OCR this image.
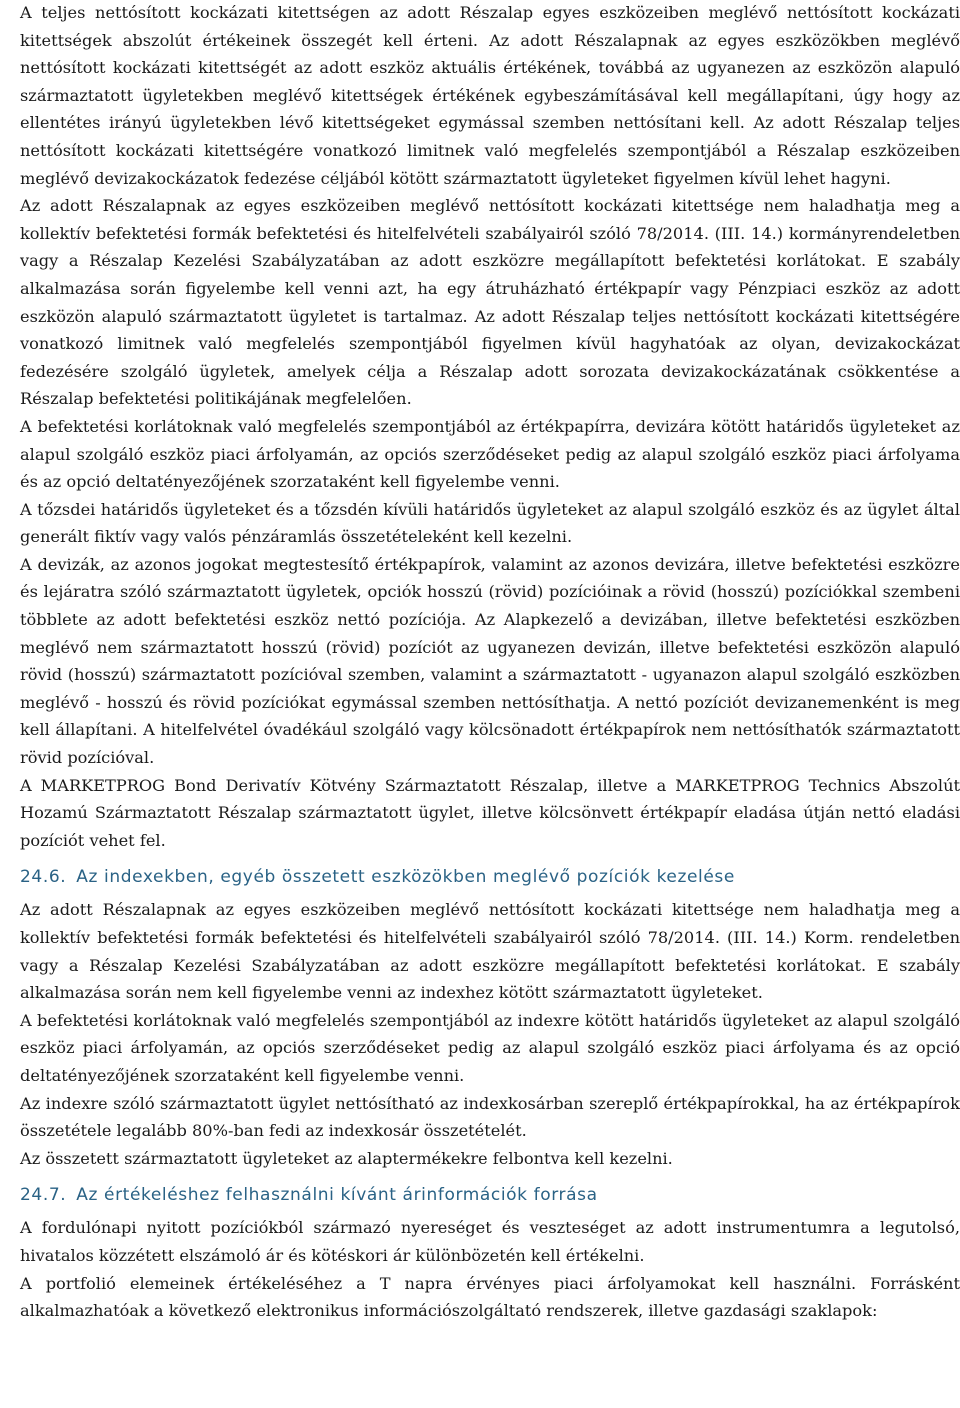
A teljes nettósított kockázati kitettségen az adott Részalap egyes eszközeiben meglévő nettósított kockázati kitettségek abszolút értékeinek összegét kell érteni. Az adott Részalapnak az egyes eszközökben meglévő nettósított kockázati kitettségét az adott eszköz aktuális értékének, továbbá az ugyanezen az eszközön alapuló származtatott ügyletekben meglévő kitettségek értékének egybeszámításával kell megállapítani, úgy hogy az ellentétes irányú ügyletekben lévő kitettségeket egymással szemben nettósítani kell. Az adott Részalap teljes nettósított kockázati kitettségére vonatkozó limitnek való megfelelés szempontjából a Részalap eszközeiben meglévő devizakockázatok fedezése céljából kötött származtatott ügyleteket figyelmen kívül lehet hagyni.

Az adott Részalapnak az egyes eszközeiben meglévő nettósított kockázati kitettsége nem haladhatja meg a kollektív befektetési formák befektetési és hitelfelvételi szabályairól szóló 78/2014. (III. 14.) kormányrendeletben vagy a Részalap Kezelési Szabályzatában az adott eszközre megállapított befektetési korlátokat. E szabály alkalmazása során figyelembe kell venni azt, ha egy átruházható értékpapír vagy Pénzpiaci eszköz az adott eszközön alapuló származtatott ügyletet is tartalmaz. Az adott Részalap teljes nettósított kockázati kitettségére vonatkozó limitnek való megfelelés szempontjából figyelmen kívül hagyhatóak az olyan, devizakockázat fedezésére szolgáló ügyletek, amelyek célja a Részalap adott sorozata devizakockázatának csökkentése a Részalap befektetési politikájának megfelelően.

A befektetési korlátoknak való megfelelés szempontjából az értékpapírra, devizára kötött határidős ügyleteket az alapul szolgáló eszköz piaci árfolyamán, az opciós szerződéseket pedig az alapul szolgáló eszköz piaci árfolyama és az opció deltatényezőjének szorzataként kell figyelembe venni.

A tőzsdei határidős ügyleteket és a tőzsdén kívüli határidős ügyleteket az alapul szolgáló eszköz és az ügylet által generált fiktív vagy valós pénzáramlás összetételeként kell kezelni.

A devizák, az azonos jogokat megtestesítő értékpapírok, valamint az azonos devizára, illetve befektetési eszközre és lejáratra szóló származtatott ügyletek, opciók hosszú (rövid) pozícióinak a rövid (hosszú) pozíciókkal szembeni többlete az adott befektetési eszköz nettó pozíciója. Az Alapkezelő a devizában, illetve befektetési eszközben meglévő nem származtatott hosszú (rövid) pozíciót az ugyanezen devizán, illetve befektetési eszközön alapuló rövid (hosszú) származtatott pozícióval szemben, valamint a származtatott - ugyanazon alapul szolgáló eszközben meglévő - hosszú és rövid pozíciókat egymással szemben nettósíthatja. A nettó pozíciót devizanemenként is meg kell állapítani. A hitelfelvétel óvadékául szolgáló vagy kölcsönadott értékpapírok nem nettósíthatók származtatott rövid pozícióval.

A MARKETPROG Bond Derivatív Kötvény Származtatott Részalap, illetve a MARKETPROG Technics Abszolút Hozamú Származtatott Részalap származtatott ügylet, illetve kölcsönvett értékpapír eladása útján nettó eladási pozíciót vehet fel.

24.6. Az indexekben, egyéb összetett eszközökben meglévő pozíciók kezelése

Az adott Részalapnak az egyes eszközeiben meglévő nettósított kockázati kitettsége nem haladhatja meg a kollektív befektetési formák befektetési és hitelfelvételi szabályairól szóló 78/2014. (III. 14.) Korm. rendeletben vagy a Részalap Kezelési Szabályzatában az adott eszközre megállapított befektetési korlátokat. E szabály alkalmazása során nem kell figyelembe venni az indexhez kötött származtatott ügyleteket.

A befektetési korlátoknak való megfelelés szempontjából az indexre kötött határidős ügyleteket az alapul szolgáló eszköz piaci árfolyamán, az opciós szerződéseket pedig az alapul szolgáló eszköz piaci árfolyama és az opció deltatényezőjének szorzataként kell figyelembe venni.

Az indexre szóló származtatott ügylet nettósítható az indexkosárban szereplő értékpapírokkal, ha az értékpapírok összetétele legalább 80%-ban fedi az indexkosár összetételét.

Az összetett származtatott ügyleteket az alaptermékekre felbontva kell kezelni.

24.7. Az értékeléshez felhasználni kívánt árinformációk forrása

A fordulónapi nyitott pozíciókból származó nyereséget és veszteséget az adott instrumentumra a legutolsó, hivatalos közzétett elszámoló ár és kötéskori ár különbözetén kell értékelni.

A portfolió elemeinek értékeléséhez a T napra érvényes piaci árfolyamokat kell használni. Forrásként alkalmazhatóak a következő elektronikus információszolgáltató rendszerek, illetve gazdasági szaklapok:
